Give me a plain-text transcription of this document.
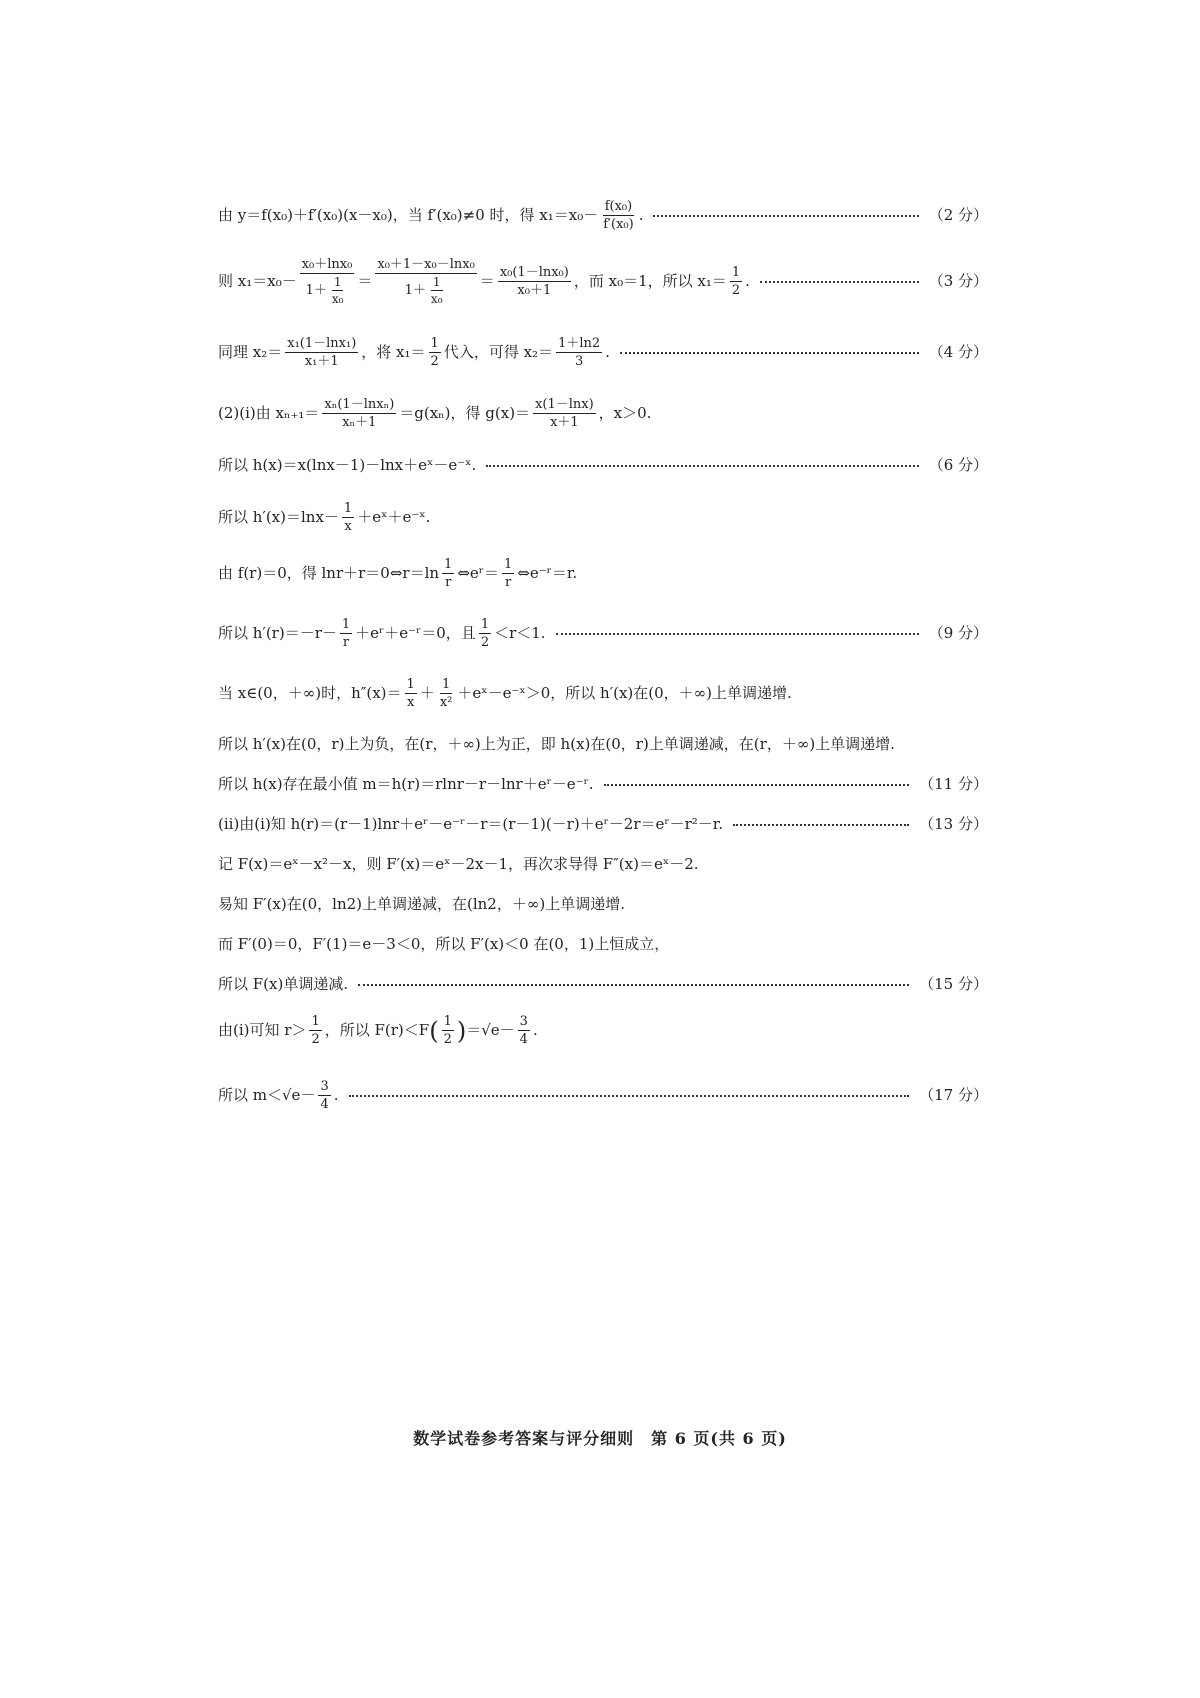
由 y＝f(x₀)＋f′(x₀)(x－x₀)，当 f′(x₀)≠0 时，得 $x_1=x_0- \frac{\text{f(x₀)}}{\text{f′(x₀)}}$ .	（2 分）
则 $x_1=x_0- \frac{\text{x₀＋lnx₀}}{1+ \frac{1}{\text{x₀}}} = \frac{\text{x₀＋1－x₀－lnx₀}}{1+ \frac{1}{\text{x₀}}} = \frac{\text{x₀(1－lnx₀)}}{\text{x₀＋1}}$ ，而 x₀＝1，所以 $x_1= \frac{1}{2}$ .	（3 分）
同理 $x_2= \frac{\text{x₁(1－lnx₁)}}{\text{x₁＋1}}$ ，将 $x_1= \frac{1}{2}$ 代入，可得 $x_2= \frac{1+\ln 2}{3}$ .	（4 分）
(2)(i)由 $x_{n+1}= \frac{\text{xₙ(1－lnxₙ)}}{\text{xₙ＋1}} =g(x_n)$，得 $g(x)= \frac{x(1-\ln x)}{x+1}$ ，x＞0.
所以 h(x)＝x(lnx－1)－lnx＋eˣ－e⁻ˣ.	（6 分）
所以 $h'(x)=\ln x- \frac{1}{x}$ ＋eˣ＋e⁻ˣ.
由 f(r)＝0，得 lnr＋r＝0⇔r＝ln $\frac{1}{r}$ ⇔eʳ＝ $\frac{1}{r}$ ⇔e⁻ʳ＝r.
所以 $h'(r)=-r- \frac{1}{r}$ ＋eʳ＋e⁻ʳ＝0，且 $\frac{1}{2} <r<1$.	（9 分）
当 x∈(0，＋∞)时，$h''(x)= \frac{1}{x} + \frac{1}{\text{x²}}$ ＋eˣ－e⁻ˣ＞0，所以 h′(x)在(0，＋∞)上单调递增.
所以 h′(x)在(0，r)上为负，在(r，＋∞)上为正，即 h(x)在(0，r)上单调递减，在(r，＋∞)上单调递增.
所以 h(x)存在最小值 m＝h(r)＝rlnr－r－lnr＋eʳ－e⁻ʳ.	（11 分）
(ii)由(i)知 h(r)＝(r－1)lnr＋eʳ－e⁻ʳ－r＝(r－1)(－r)＋eʳ－2r＝eʳ－r²－r.	（13 分）
记 F(x)＝eˣ－x²－x，则 F′(x)＝eˣ－2x－1，再次求导得 F″(x)＝eˣ－2.
易知 F′(x)在(0，ln2)上单调递减，在(ln2，＋∞)上单调递增.
而 F′(0)＝0，F′(1)＝e－3＜0，所以 F′(x)＜0 在(0，1)上恒成立，
所以 F(x)单调递减.	（15 分）
由(i)可知 $r> \frac{1}{2}$ ，所以 F(r)＜F ( $\frac{1}{2}$ ) $=√e- \frac{3}{4}$ .
所以 $m<√e- \frac{3}{4}$ .	（17 分）
数学试卷参考答案与评分细则　第 6 页(共 6 页)
